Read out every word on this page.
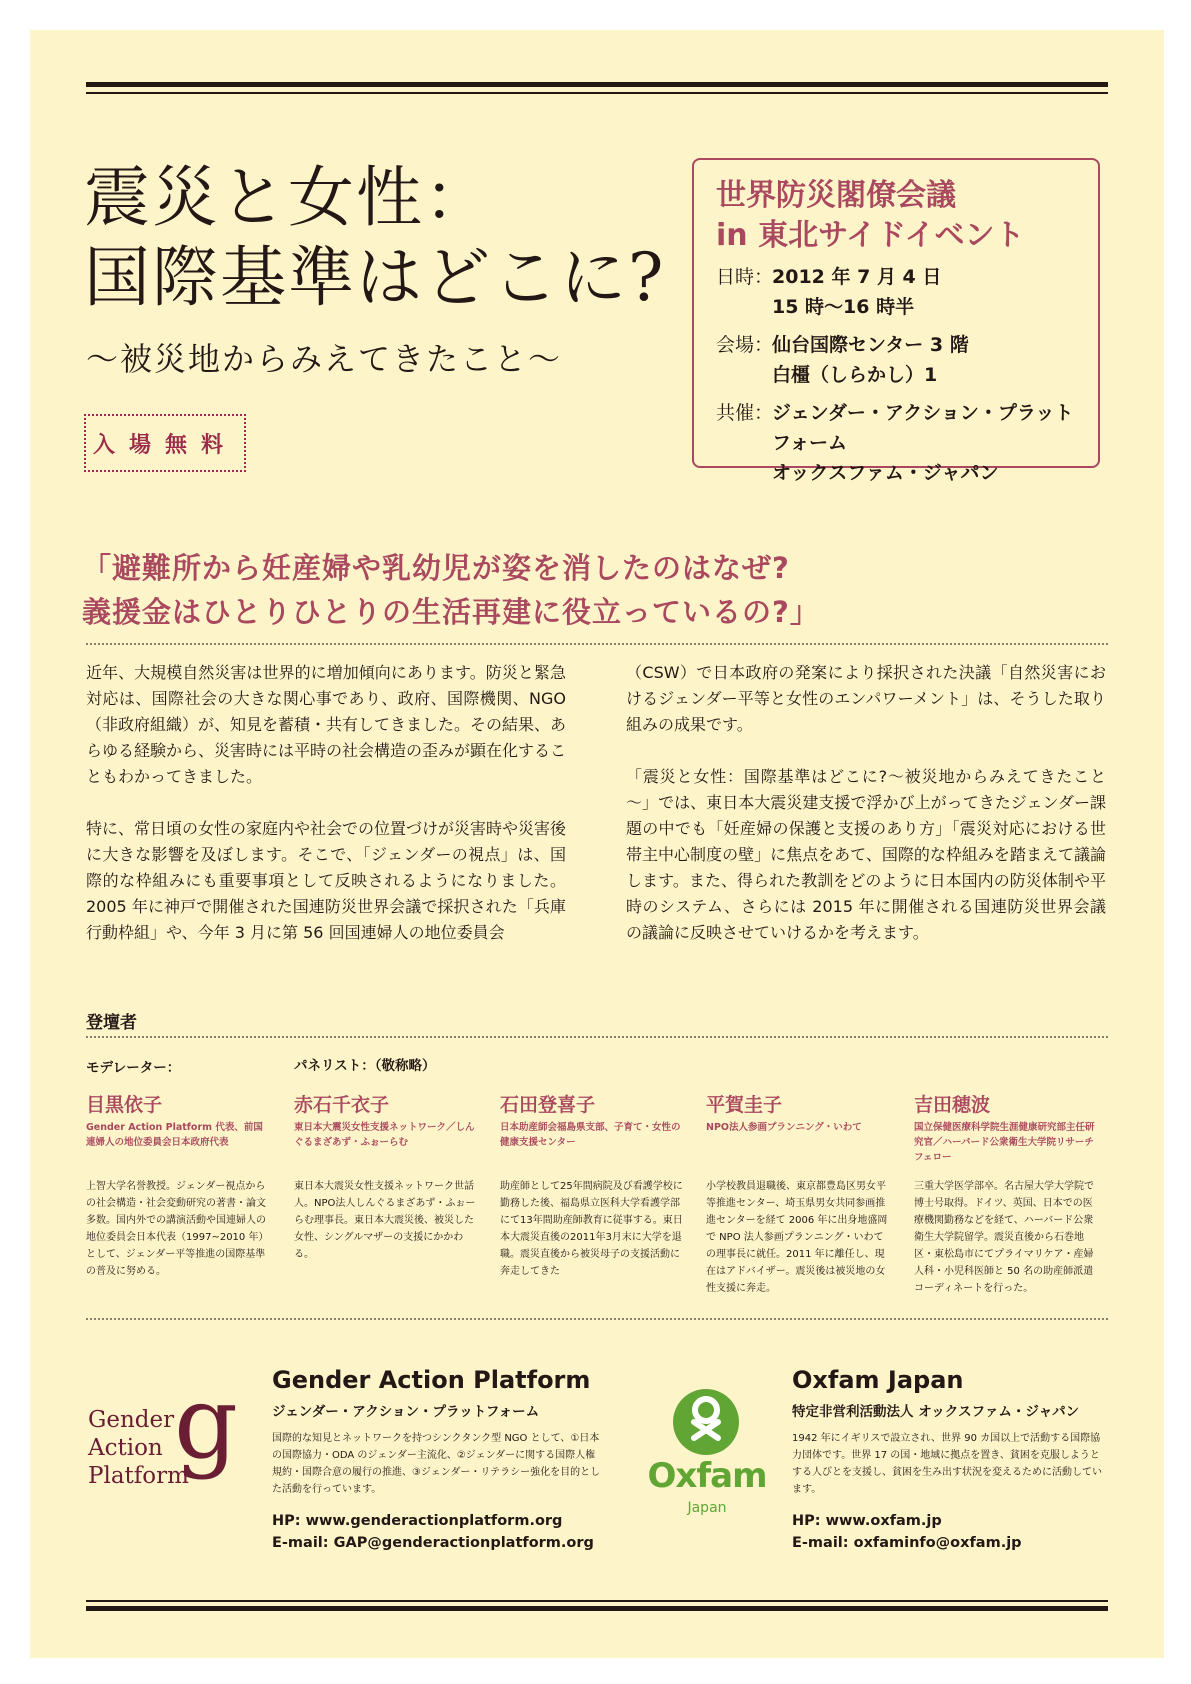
震災と女性：
国際基準はどこに?
～被災地からみえてきたこと～
入場無料
世界防災閣僚会議
in 東北サイドイベント
日時：
2012 年 7 月 4 日
15 時～16 時半
会場：
仙台国際センター 3 階
白橿（しらかし）1
共催：
ジェンダー・アクション・プラットフォーム
オックスファム・ジャパン
「避難所から妊産婦や乳幼児が姿を消したのはなぜ?
義援金はひとりひとりの生活再建に役立っているの?」

近年、大規模自然災害は世界的に増加傾向にあります。防災と緊急対応は、国際社会の大きな関心事であり、政府、国際機関、NGO（非政府組織）が、知見を蓄積・共有してきました。その結果、あらゆる経験から、災害時には平時の社会構造の歪みが顕在化することもわかってきました。

特に、常日頃の女性の家庭内や社会での位置づけが災害時や災害後に大きな影響を及ぼします。そこで、「ジェンダーの視点」は、国際的な枠組みにも重要事項として反映されるようになりました。2005 年に神戸で開催された国連防災世界会議で採択された「兵庫行動枠組」や、今年 3 月に第 56 回国連婦人の地位委員会

（CSW）で日本政府の発案により採択された決議「自然災害におけるジェンダー平等と女性のエンパワーメント」は、そうした取り組みの成果です。

「震災と女性：国際基準はどこに?～被災地からみえてきたこと～」では、東日本大震災建支援で浮かび上がってきたジェンダー課題の中でも「妊産婦の保護と支援のあり方」「震災対応における世帯主中心制度の壁」に焦点をあて、国際的な枠組みを踏まえて議論します。また、得られた教訓をどのように日本国内の防災体制や平時のシステム、さらには 2015 年に開催される国連防災世界会議の議論に反映させていけるかを考えます。

登壇者
モデレーター：	パネリスト：（敬称略）
目黒依子
Gender Action Platform 代表、前国連婦人の地位委員会日本政府代表
上智大学名誉教授。ジェンダー視点からの社会構造・社会変動研究の著書・論文多数。国内外での講演活動や国連婦人の地位委員会日本代表（1997~2010 年）として、ジェンダー平等推進の国際基準の普及に努める。
赤石千衣子
東日本大震災女性支援ネットワーク／しんぐるまざあず・ふぉーらむ
東日本大震災女性支援ネットワーク世話人。NPO法人しんぐるまざあず・ふぉーらむ理事長。東日本大震災後、被災した女性、シングルマザーの支援にかかわる。
石田登喜子
日本助産師会福島県支部、子育て・女性の健康支援センター
助産師として25年間病院及び看護学校に勤務した後、福島県立医科大学看護学部にて13年間助産師教育に従事する。東日本大震災直後の2011年3月末に大学を退職。震災直後から被災母子の支援活動に奔走してきた
平賀圭子
NPO法人参画プランニング・いわて
小学校教員退職後、東京都豊島区男女平等推進センター、埼玉県男女共同参画推進センターを経て 2006 年に出身地盛岡で NPO 法人参画プランニング・いわての理事長に就任。2011 年に離任し、現在はアドバイザー。震災後は被災地の女性支援に奔走。
吉田穂波
国立保健医療科学院生涯健康研究部主任研究官／ハーバード公衆衛生大学院リサーチフェロー
三重大学医学部卒。名古屋大学大学院で博士号取得。ドイツ、英国、日本での医療機関勤務などを経て、ハーバード公衆衛生大学院留学。震災直後から石巻地区・東松島市にてプライマリケア・産婦人科・小児科医師と 50 名の助産師派遣コーディネートを行った。
Gender
Action
Platform
g Gender Action Platform
ジェンダー・アクション・プラットフォーム
国際的な知見とネットワークを持つシンクタンク型 NGO として、①日本の国際協力・ODA のジェンダー主流化、②ジェンダーに関する国際人権規約・国際合意の履行の推進、③ジェンダー・リテラシー強化を目的とした活動を行っています。
HP: www.genderactionplatform.org
E-mail: GAP@genderactionplatform.org
Oxfam
Japan
Oxfam Japan
特定非営利活動法人 オックスファム・ジャパン
1942 年にイギリスで設立され、世界 90 カ国以上で活動する国際協力団体です。世界 17 の国・地域に拠点を置き、貧困を克服しようとする人びとを支援し、貧困を生み出す状況を変えるために活動しています。
HP: www.oxfam.jp
E-mail: oxfaminfo@oxfam.jp
